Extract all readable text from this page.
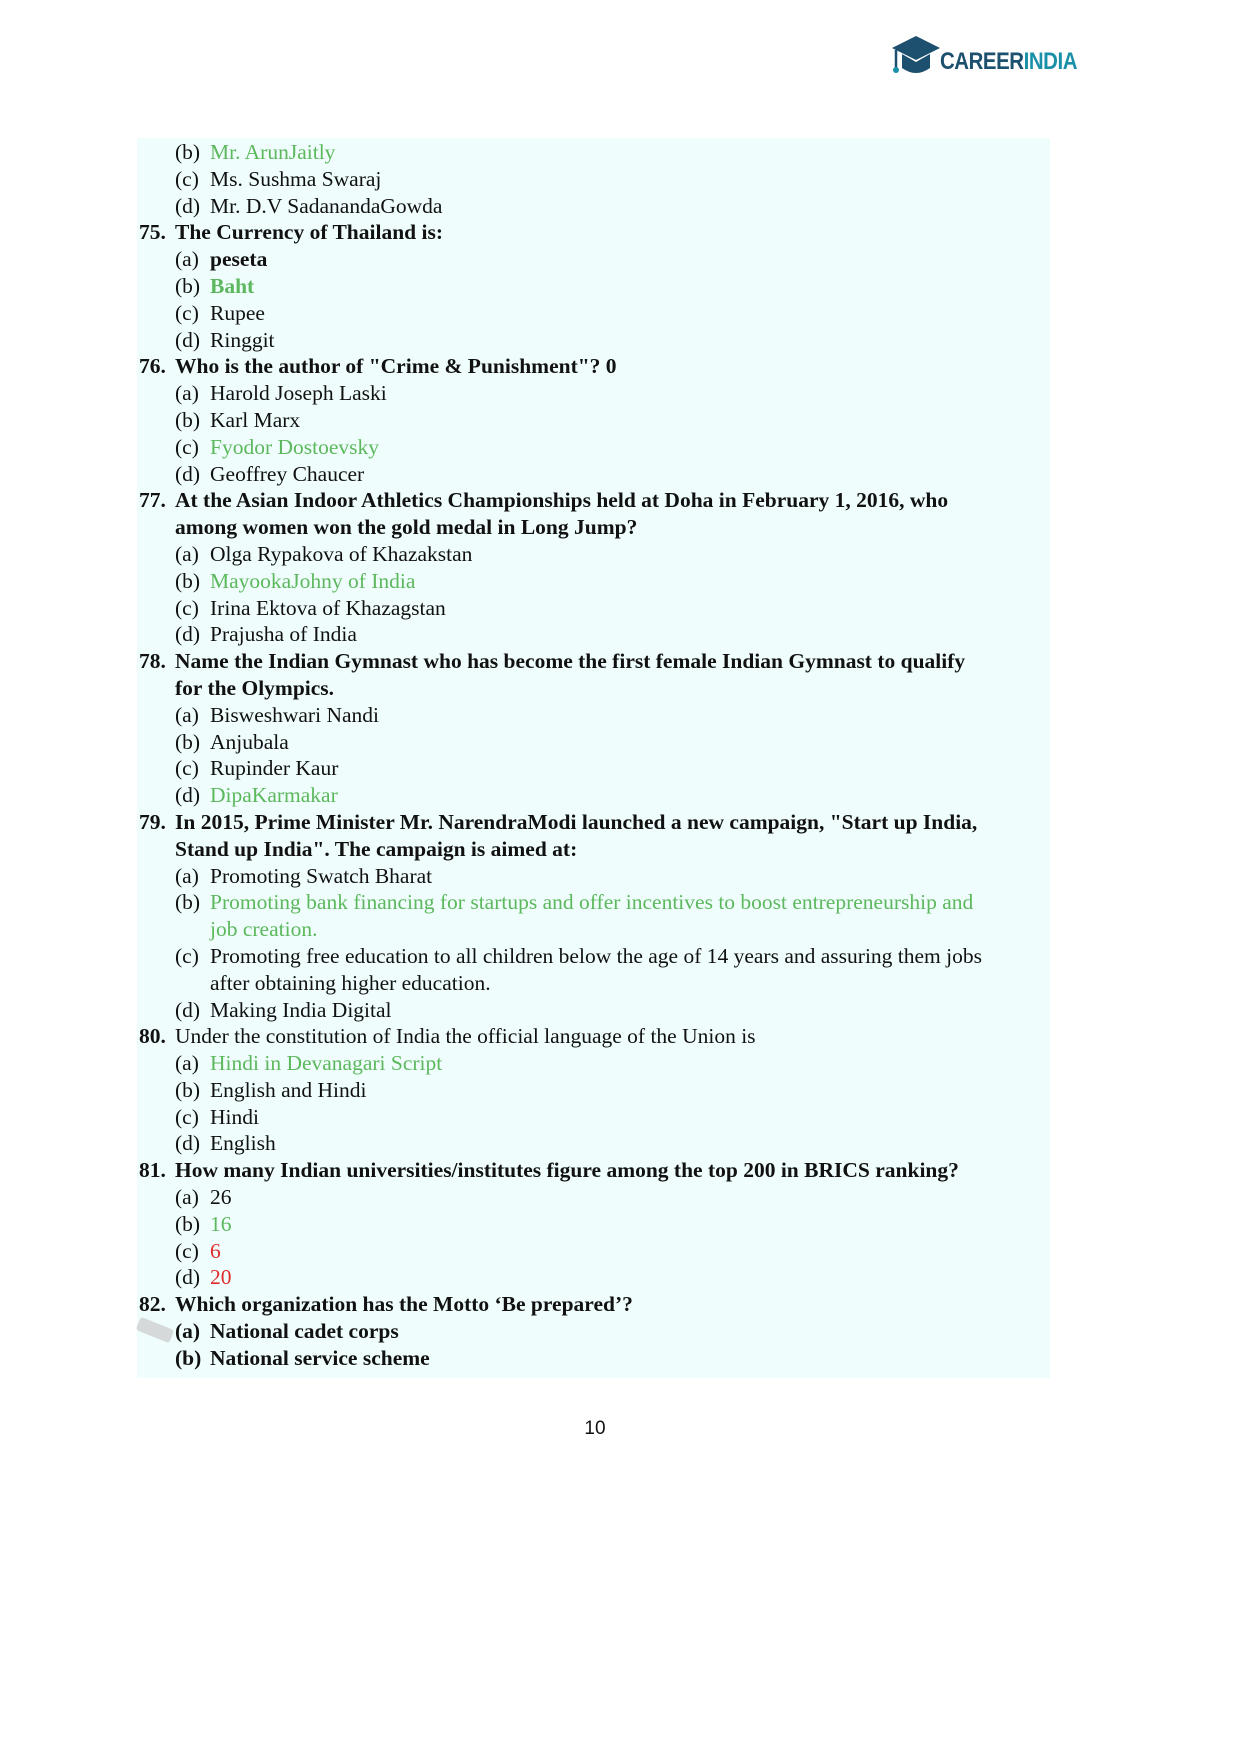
CAREERINDIA
(b) Mr. ArunJaitly
(c) Ms. Sushma Swaraj
(d) Mr. D.V SadanandaGowda
75. The Currency of Thailand is:
(a) peseta
(b) Baht
(c) Rupee
(d) Ringgit
76. Who is the author of "Crime & Punishment"? 0
(a) Harold Joseph Laski
(b) Karl Marx
(c) Fyodor Dostoevsky
(d) Geoffrey Chaucer
77. At the Asian Indoor Athletics Championships held at Doha in February 1, 2016, who
among women won the gold medal in Long Jump?
(a) Olga Rypakova of Khazakstan
(b) MayookaJohny of India
(c) Irina Ektova of Khazagstan
(d) Prajusha of India
78. Name the Indian Gymnast who has become the first female Indian Gymnast to qualify
for the Olympics.
(a) Bisweshwari Nandi
(b) Anjubala
(c) Rupinder Kaur
(d) DipaKarmakar
79. In 2015, Prime Minister Mr. NarendraModi launched a new campaign, "Start up India,
Stand up India". The campaign is aimed at:
(a) Promoting Swatch Bharat
(b) Promoting bank financing for startups and offer incentives to boost entrepreneurship and
job creation.
(c) Promoting free education to all children below the age of 14 years and assuring them jobs
after obtaining higher education.
(d) Making India Digital
80. Under the constitution of India the official language of the Union is
(a) Hindi in Devanagari Script
(b) English and Hindi
(c) Hindi
(d) English
81. How many Indian universities/institutes figure among the top 200 in BRICS ranking?
(a) 26
(b) 16
(c) 6
(d) 20
82. Which organization has the Motto ‘Be prepared’?
(a) National cadet corps
(b) National service scheme
10
